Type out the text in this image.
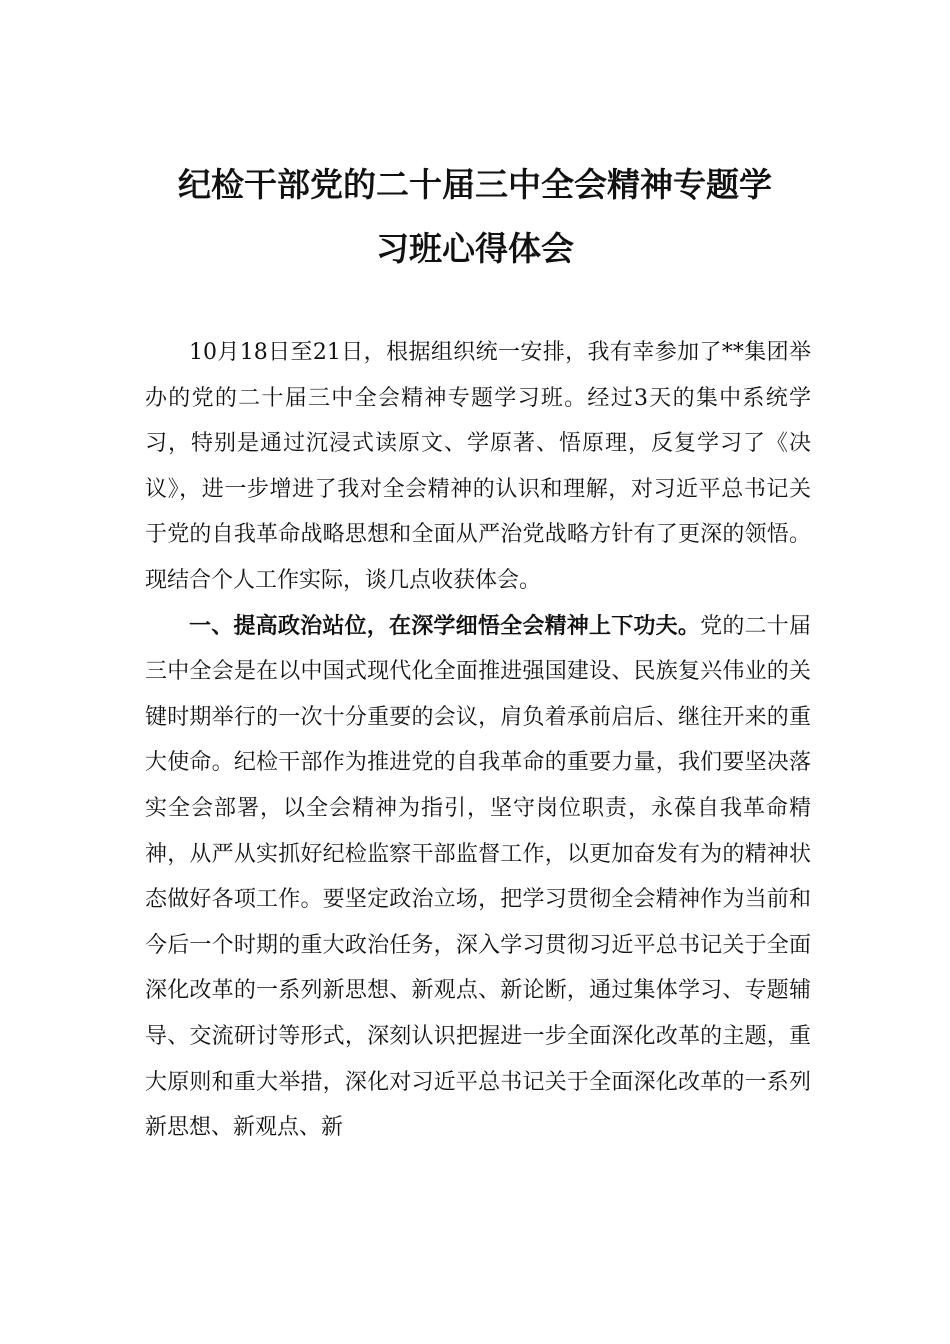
纪检干部党的二十届三中全会精神专题学
习班心得体会

10月18日至21日，根据组织统一安排，我有幸参加了**集团举办的党的二十届三中全会精神专题学习班。经过3天的集中系统学习，特别是通过沉浸式读原文、学原著、悟原理，反复学习了《决议》，进一步增进了我对全会精神的认识和理解，对习近平总书记关于党的自我革命战略思想和全面从严治党战略方针有了更深的领悟。现结合个人工作实际，谈几点收获体会。

一、提高政治站位，在深学细悟全会精神上下功夫。党的二十届三中全会是在以中国式现代化全面推进强国建设、民族复兴伟业的关键时期举行的一次十分重要的会议，肩负着承前启后、继往开来的重大使命。纪检干部作为推进党的自我革命的重要力量，我们要坚决落实全会部署，以全会精神为指引，坚守岗位职责，永葆自我革命精神，从严从实抓好纪检监察干部监督工作，以更加奋发有为的精神状态做好各项工作。要坚定政治立场，把学习贯彻全会精神作为当前和今后一个时期的重大政治任务，深入学习贯彻习近平总书记关于全面深化改革的一系列新思想、新观点、新论断，通过集体学习、专题辅导、交流研讨等形式，深刻认识把握进一步全面深化改革的主题，重大原则和重大举措，深化对习近平总书记关于全面深化改革的一系列新思想、新观点、新
